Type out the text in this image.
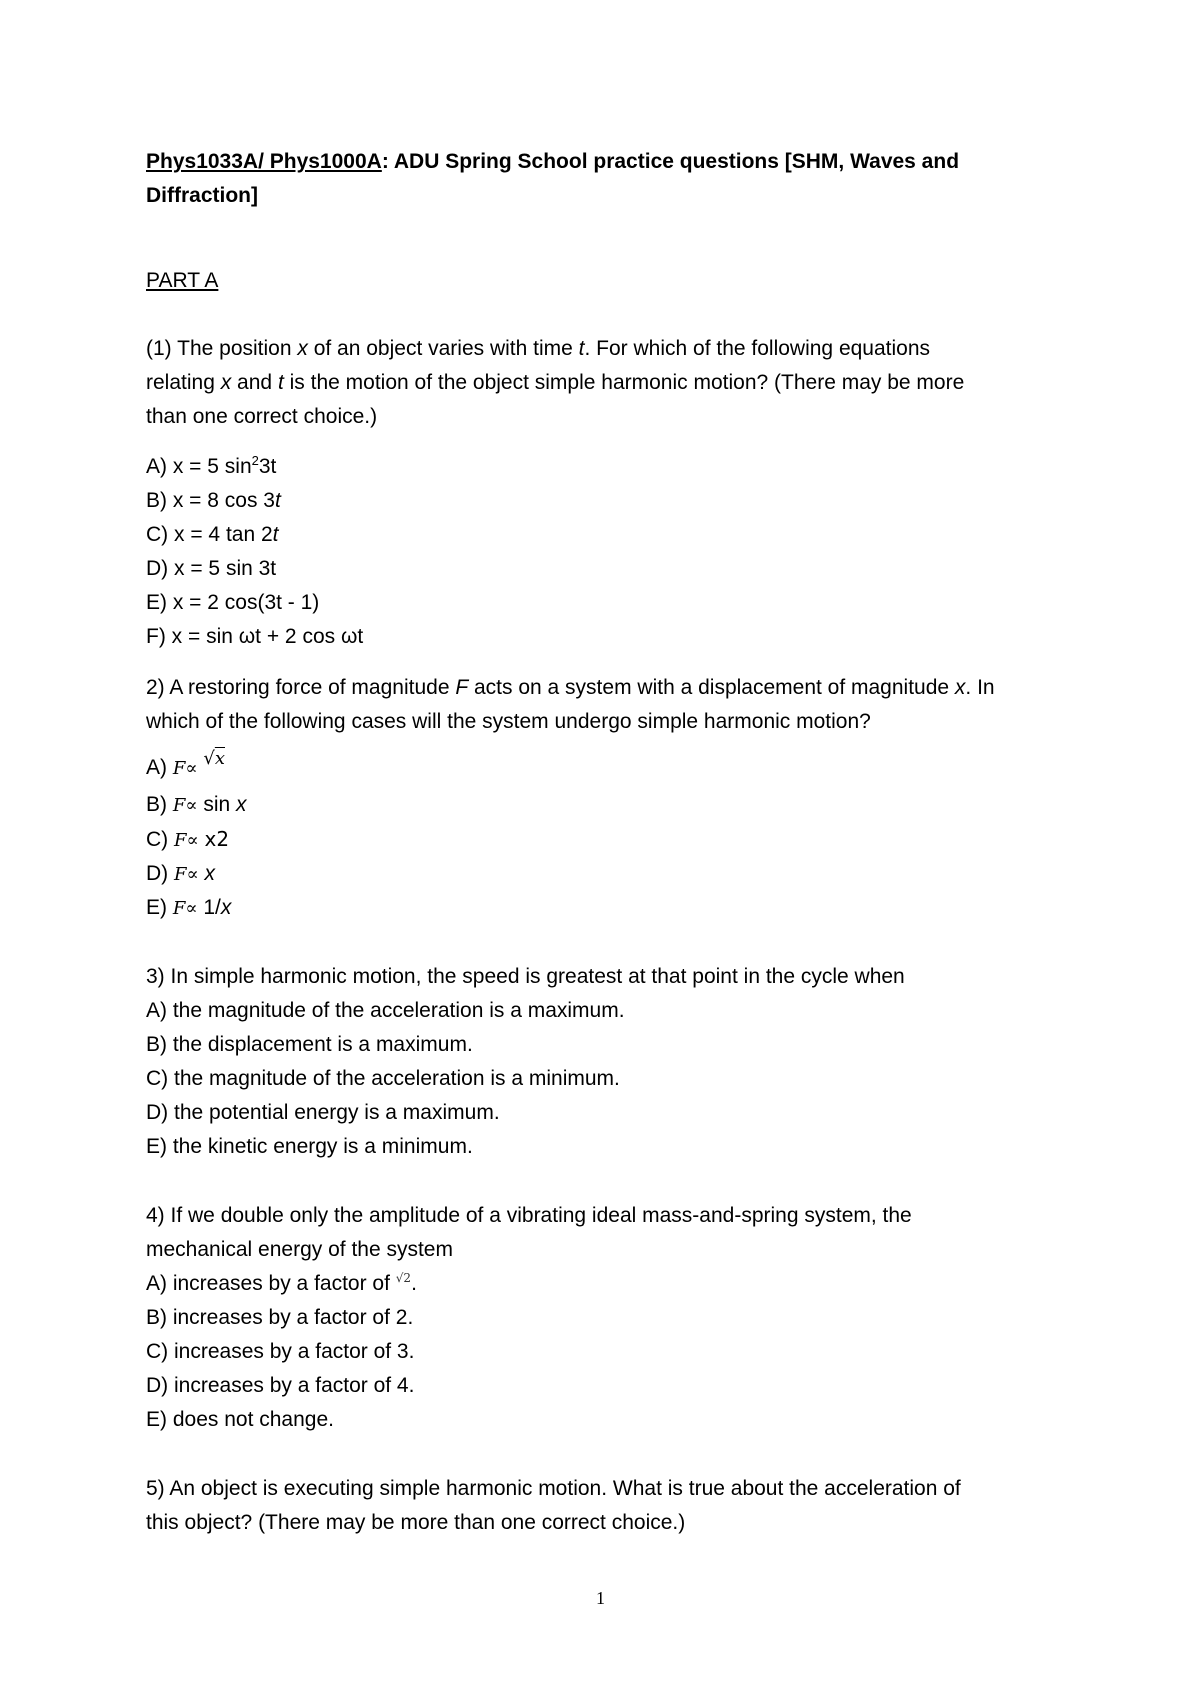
Phys1033A/ Phys1000A: ADU Spring School practice questions [SHM, Waves and
Diffraction]
PART A
(1) The position x of an object varies with time t. For which of the following equations
relating x and t is the motion of the object simple harmonic motion? (There may be more
than one correct choice.)
A) x = 5 $\sin^23t$
B) x = 8 cos 3t
C) x = 4 tan 2t
D) x = 5 sin 3t
E) x = 2 cos(3t - 1)
F) x = sin ωt + 2 cos ωt
2) A restoring force of magnitude F acts on a system with a displacement of magnitude x. In
which of the following cases will the system undergo simple harmonic motion?
A) F∝ √x
B) F∝ sin x
C) F∝ x2
D) F∝ x
E) F∝ 1/x
3) In simple harmonic motion, the speed is greatest at that point in the cycle when
A) the magnitude of the acceleration is a maximum.
B) the displacement is a maximum.
C) the magnitude of the acceleration is a minimum.
D) the potential energy is a maximum.
E) the kinetic energy is a minimum.
4) If we double only the amplitude of a vibrating ideal mass-and-spring system, the
mechanical energy of the system
A) increases by a factor of $^{√2}$.
B) increases by a factor of 2.
C) increases by a factor of 3.
D) increases by a factor of 4.
E) does not change.
5) An object is executing simple harmonic motion. What is true about the acceleration of
this object? (There may be more than one correct choice.)
1
